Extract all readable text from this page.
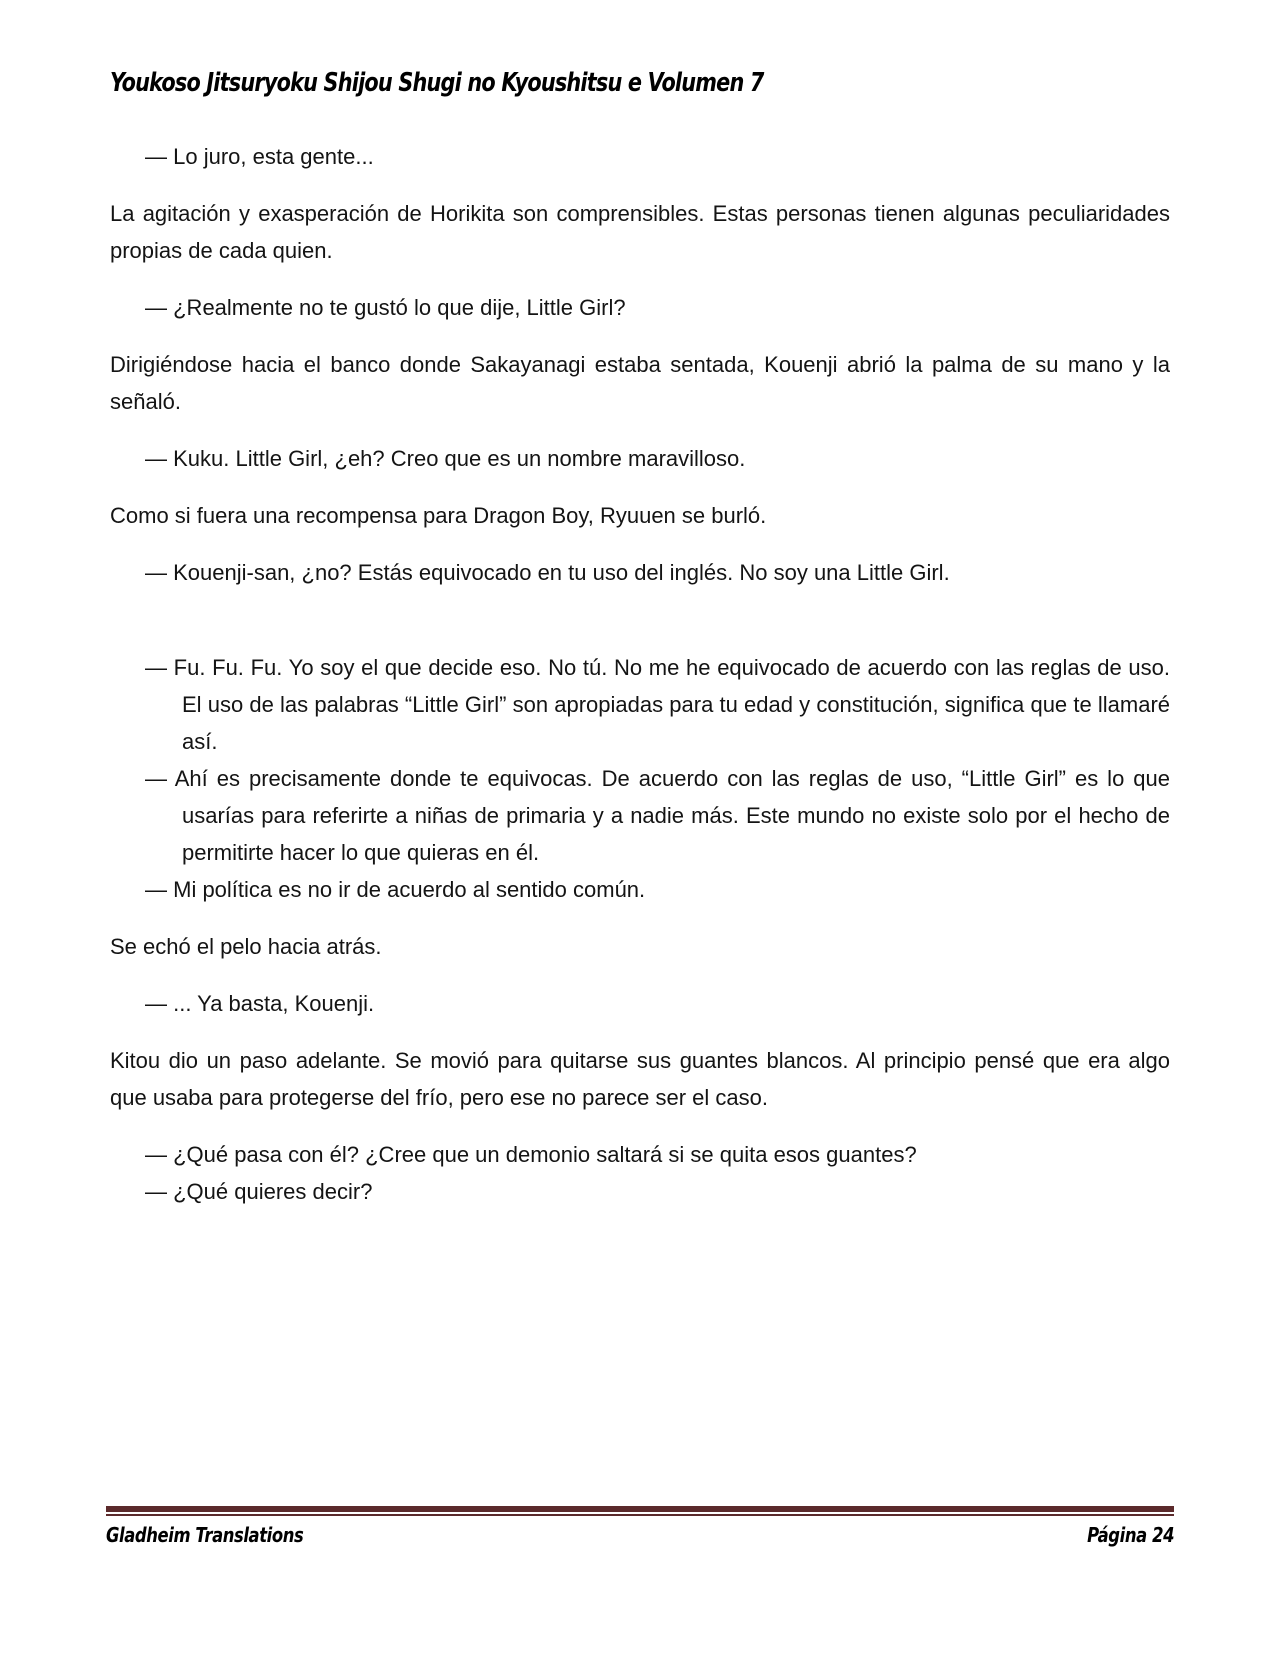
Youkoso Jitsuryoku Shijou Shugi no Kyoushitsu e Volumen 7

— Lo juro, esta gente...

La agitación y exasperación de Horikita son comprensibles. Estas personas tienen algunas peculiaridades propias de cada quien.

— ¿Realmente no te gustó lo que dije, Little Girl?

Dirigiéndose hacia el banco donde Sakayanagi estaba sentada, Kouenji abrió la palma de su mano y la señaló.

— Kuku. Little Girl, ¿eh? Creo que es un nombre maravilloso.

Como si fuera una recompensa para Dragon Boy, Ryuuen se burló.

— Kouenji-san, ¿no? Estás equivocado en tu uso del inglés. No soy una Little Girl.

— Fu. Fu. Fu. Yo soy el que decide eso. No tú. No me he equivocado de acuerdo con las reglas de uso. El uso de las palabras “Little Girl” son apropiadas para tu edad y constitución, significa que te llamaré así.

— Ahí es precisamente donde te equivocas. De acuerdo con las reglas de uso, “Little Girl” es lo que usarías para referirte a niñas de primaria y a nadie más. Este mundo no existe solo por el hecho de permitirte hacer lo que quieras en él.

— Mi política es no ir de acuerdo al sentido común.

Se echó el pelo hacia atrás.

— ... Ya basta, Kouenji.

Kitou dio un paso adelante. Se movió para quitarse sus guantes blancos. Al principio pensé que era algo que usaba para protegerse del frío, pero ese no parece ser el caso.

— ¿Qué pasa con él? ¿Cree que un demonio saltará si se quita esos guantes?

— ¿Qué quieres decir?

Gladheim Translations	Página 24
